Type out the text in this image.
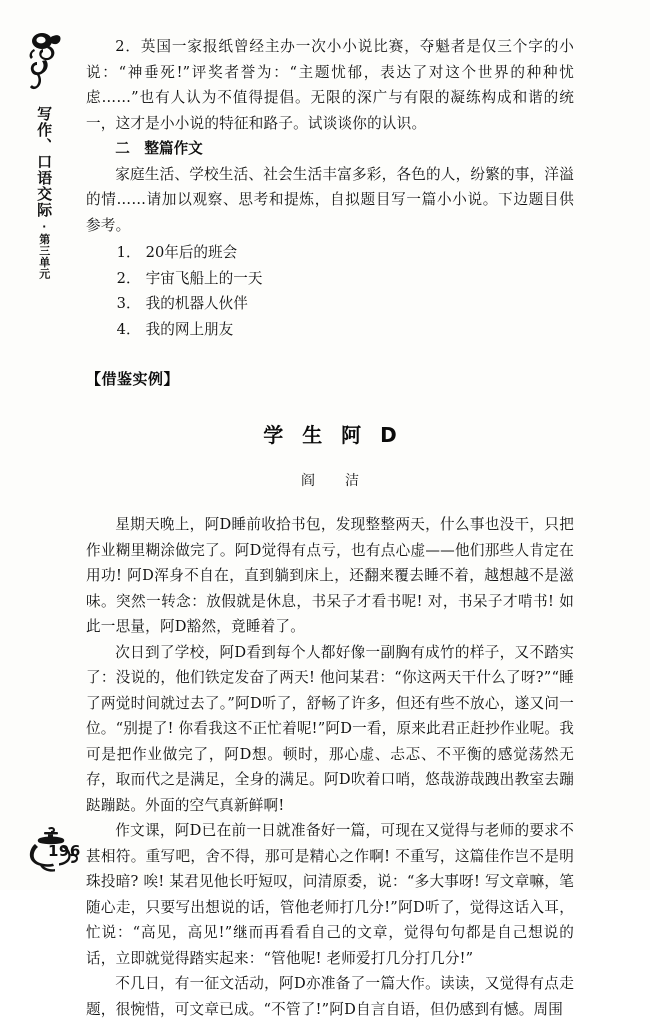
写作、口语交际
·第三单元

2．英国一家报纸曾经主办一次小小说比赛，夺魁者是仅三个字的小说：“神垂死!”评奖者誉为：“主题忧郁，表达了对这个世界的种种忧虑……”也有人认为不值得提倡。无限的深广与有限的凝练构成和谐的统一，这才是小小说的特征和路子。试谈谈你的认识。

二　整篇作文

家庭生活、学校生活、社会生活丰富多彩，各色的人，纷繁的事，洋溢的情……请加以观察、思考和提炼，自拟题目写一篇小小说。下边题目供参考。

1． 20年后的班会
2． 宇宙飞船上的一天
3． 我的机器人伙伴
4． 我的网上朋友
【借鉴实例】
学 生 阿 D
阎　洁

星期天晚上，阿D睡前收拾书包，发现整整两天，什么事也没干，只把作业糊里糊涂做完了。阿D觉得有点亏，也有点心虚——他们那些人肯定在用功! 阿D浑身不自在，直到躺到床上，还翻来覆去睡不着，越想越不是滋味。突然一转念：放假就是休息，书呆子才看书呢! 对，书呆子才啃书! 如此一思量，阿D豁然，竟睡着了。

次日到了学校，阿D看到每个人都好像一副胸有成竹的样子，又不踏实了：没说的，他们铁定发奋了两天! 他问某君：“你这两天干什么了呀?”“睡了两觉时间就过去了。”阿D听了，舒畅了许多，但还有些不放心，遂又问一位。“别提了! 你看我这不正忙着呢!”阿D一看，原来此君正赶抄作业呢。我可是把作业做完了，阿D想。顿时，那心虚、忐忑、不平衡的感觉荡然无存，取而代之是满足，全身的满足。阿D吹着口哨，悠哉游哉跩出教室去蹦跶蹦跶。外面的空气真新鲜啊!

作文课，阿D已在前一日就准备好一篇，可现在又觉得与老师的要求不甚相符。重写吧，舍不得，那可是精心之作啊! 不重写，这篇佳作岂不是明珠投暗? 唉! 某君见他长吁短叹，问清原委，说：“多大事呀! 写文章嘛，笔随心走，只要写出想说的话，管他老师打几分!”阿D听了，觉得这话入耳，忙说：“高见，高见!”继而再看看自己的文章，觉得句句都是自己想说的话，立即就觉得踏实起来：“管他呢! 老师爱打几分打几分!”

不几日，有一征文活动，阿D亦准备了一篇大作。读读，又觉得有点走题，很惋惜，可文章已成。“不管了!”阿D自言自语，但仍感到有憾。周围

196
